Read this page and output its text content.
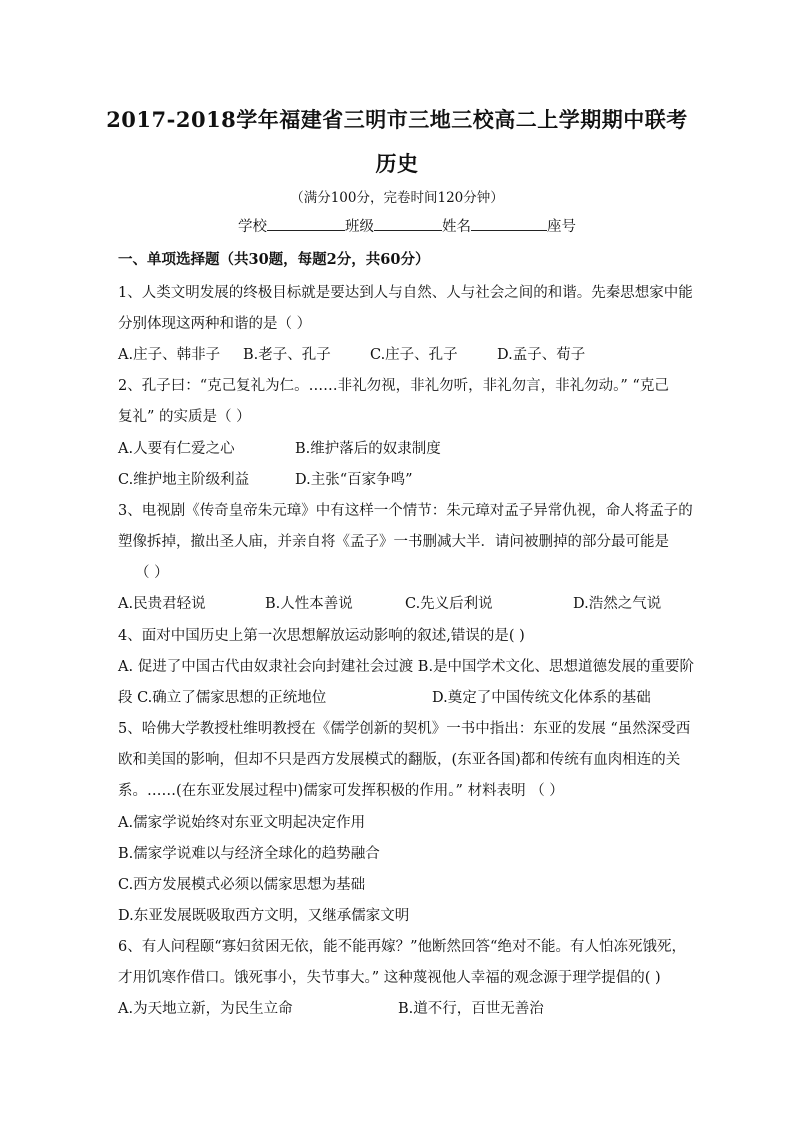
2017-2018学年福建省三明市三地三校高二上学期期中联考
历史
（满分100分，完卷时间120分钟）
学校	班级	姓名	座号
一、单项选择题（共30题，每题2分，共60分）
1、人类文明发展的终极目标就是要达到人与自然、人与社会之间的和谐。先秦思想家中能
分别体现这两种和谐的是（ ）
A.庄子、韩非子 B.老子、孔子	C.庄子、孔子	D.孟子、荀子
2、孔子曰：“克己复礼为仁。……非礼勿视，非礼勿听，非礼勿言，非礼勿动。” “克己
复礼” 的实质是（ ）
A.人要有仁爱之心	B.维护落后的奴隶制度
C.维护地主阶级利益	D.主张“百家争鸣”
3、电视剧《传奇皇帝朱元璋》中有这样一个情节：朱元璋对孟子异常仇视，命人将孟子的
塑像拆掉，撤出圣人庙，并亲自将《孟子》一书删减大半．请问被删掉的部分最可能是
（ ）
A.民贵君轻说	B.人性本善说	C.先义后利说	D.浩然之气说
4、面对中国历史上第一次思想解放运动影响的叙述,错误的是( )
A. 促进了中国古代由奴隶社会向封建社会过渡 B.是中国学术文化、思想道德发展的重要阶
段 C.确立了儒家思想的正统地位	D.奠定了中国传统文化体系的基础
5、哈佛大学教授杜维明教授在《儒学创新的契机》一书中指出：东亚的发展 “虽然深受西
欧和美国的影响，但却不只是西方发展模式的翻版，(东亚各国)都和传统有血肉相连的关
系。……(在东亚发展过程中)儒家可发挥积极的作用。” 材料表明 （ ）
A.儒家学说始终对东亚文明起决定作用
B.儒家学说难以与经济全球化的趋势融合
C.西方发展模式必须以儒家思想为基础
D.东亚发展既吸取西方文明，又继承儒家文明
6、有人问程颐“寡妇贫困无依，能不能再嫁？”他断然回答“绝对不能。有人怕冻死饿死，
才用饥寒作借口。饿死事小，失节事大。” 这种蔑视他人幸福的观念源于理学提倡的( )
A.为天地立新，为民生立命	B.道不行，百世无善治
